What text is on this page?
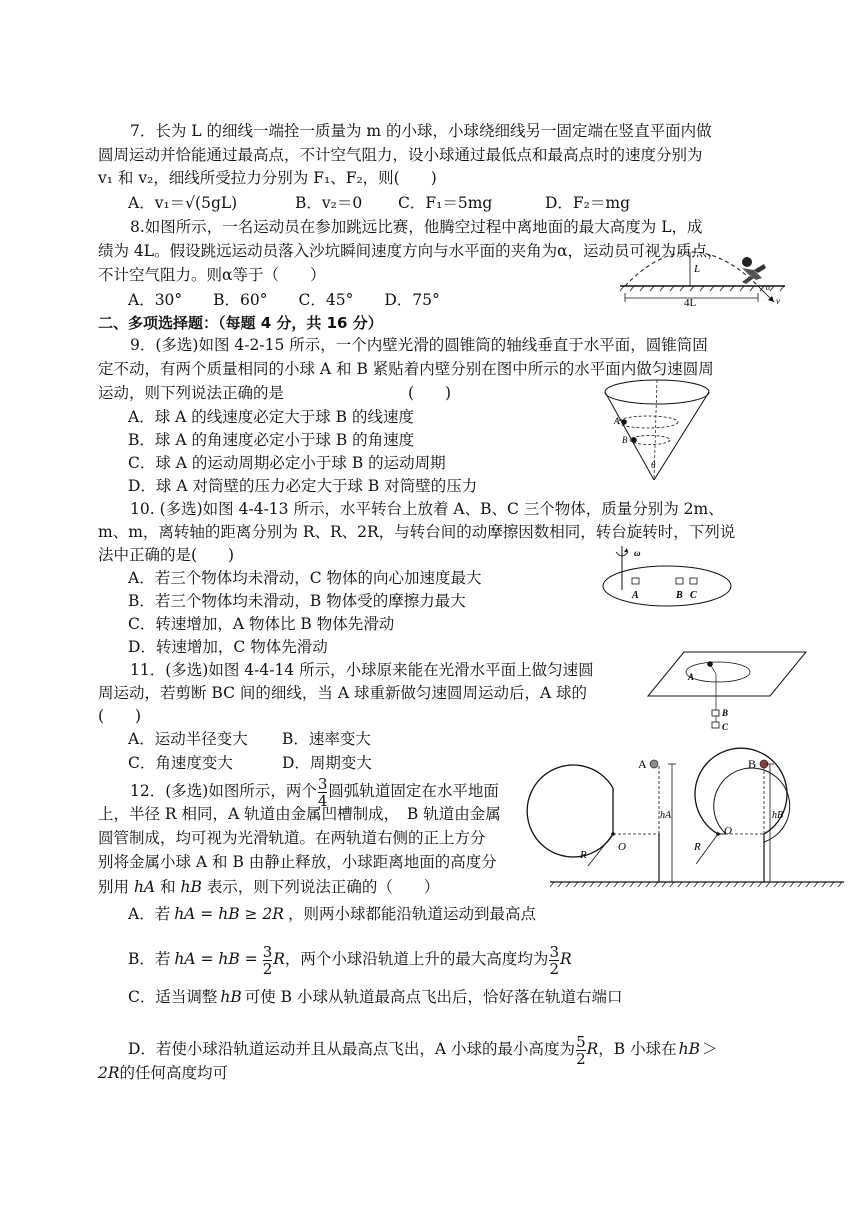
7．长为 L 的细线一端拴一质量为 m 的小球，小球绕细线另一固定端在竖直平面内做
圆周运动并恰能通过最高点，不计空气阻力，设小球通过最低点和最高点时的速度分别为
v₁ 和 v₂，细线所受拉力分别为 F₁、F₂，则(　　)
A．v₁＝√(5gL)	B．v₂＝0 C．F₁＝5mg	D．F₂＝mg
8.如图所示，一名运动员在参加跳远比赛，他腾空过程中离地面的最大高度为 L，成
绩为 4L。假设跳远运动员落入沙坑瞬间速度方向与水平面的夹角为α，运动员可视为质点，
不计空气阻力。则α等于（　　）
A．30°　　B．60°　　C．45°　　D．75°
L
4L	v
α
二、多项选择题：（每题 4 分，共 16 分）
9．(多选)如图 4-2-15 所示，一个内壁光滑的圆锥筒的轴线垂直于水平面，圆锥筒固
定不动，有两个质量相同的小球 A 和 B 紧贴着内壁分别在图中所示的水平面内做匀速圆周
运动，则下列说法正确的是　　　　　　　　(　　)
A．球 A 的线速度必定大于球 B 的线速度
B．球 A 的角速度必定小于球 B 的角速度
C．球 A 的运动周期必定小于球 B 的运动周期
D．球 A 对筒壁的压力必定大于球 B 对筒壁的压力
A
B
θ
10. (多选)如图 4-4-13 所示，水平转台上放着 A、B、C 三个物体，质量分别为 2m、
m、m，离转轴的距离分别为 R、R、2R，与转台间的动摩擦因数相同，转台旋转时，下列说
法中正确的是(　　)
A．若三个物体均未滑动，C 物体的向心加速度最大
B．若三个物体均未滑动，B 物体受的摩擦力最大
C．转速增加，A 物体比 B 物体先滑动
D．转速增加，C 物体先滑动
ω
A	B C
11．(多选)如图 4-4-14 所示，小球原来能在光滑水平面上做匀速圆
周运动，若剪断 BC 间的细线，当 A 球重新做匀速圆周运动后，A 球的
(　　)
A．运动半径变大 B．速率变大
C．角速度变大	D．周期变大
A
B
C
12．(多选)如图所示，两个 $\frac{3}{4}$ 圆弧轨道固定在水平地面
上，半径 R 相同，A 轨道由金属凹槽制成，　B 轨道由金属
圆管制成，均可视为光滑轨道。在两轨道右侧的正上方分
别将金属小球 A 和 B 由静止释放，小球距离地面的高度分
别用 hA 和 hB 表示，则下列说法正确的（　　）
A．若 hA = hB ≥ 2R ，则两小球都能沿轨道运动到最高点
B．若 hA = hB = $\frac{3}{2}$ R，两个小球沿轨道上升的最大高度均为 $\frac{3}{2}$ R
C．适当调整 hB 可使 B 小球从轨道最高点飞出后，恰好落在轨道右端口
D．若使小球沿轨道运动并且从最高点飞出，A 小球的最小高度为 $\frac{5}{2}$ R，B 小球在 hB ＞
2R的任何高度均可
O
R
A
hA
O
R
B
hB
